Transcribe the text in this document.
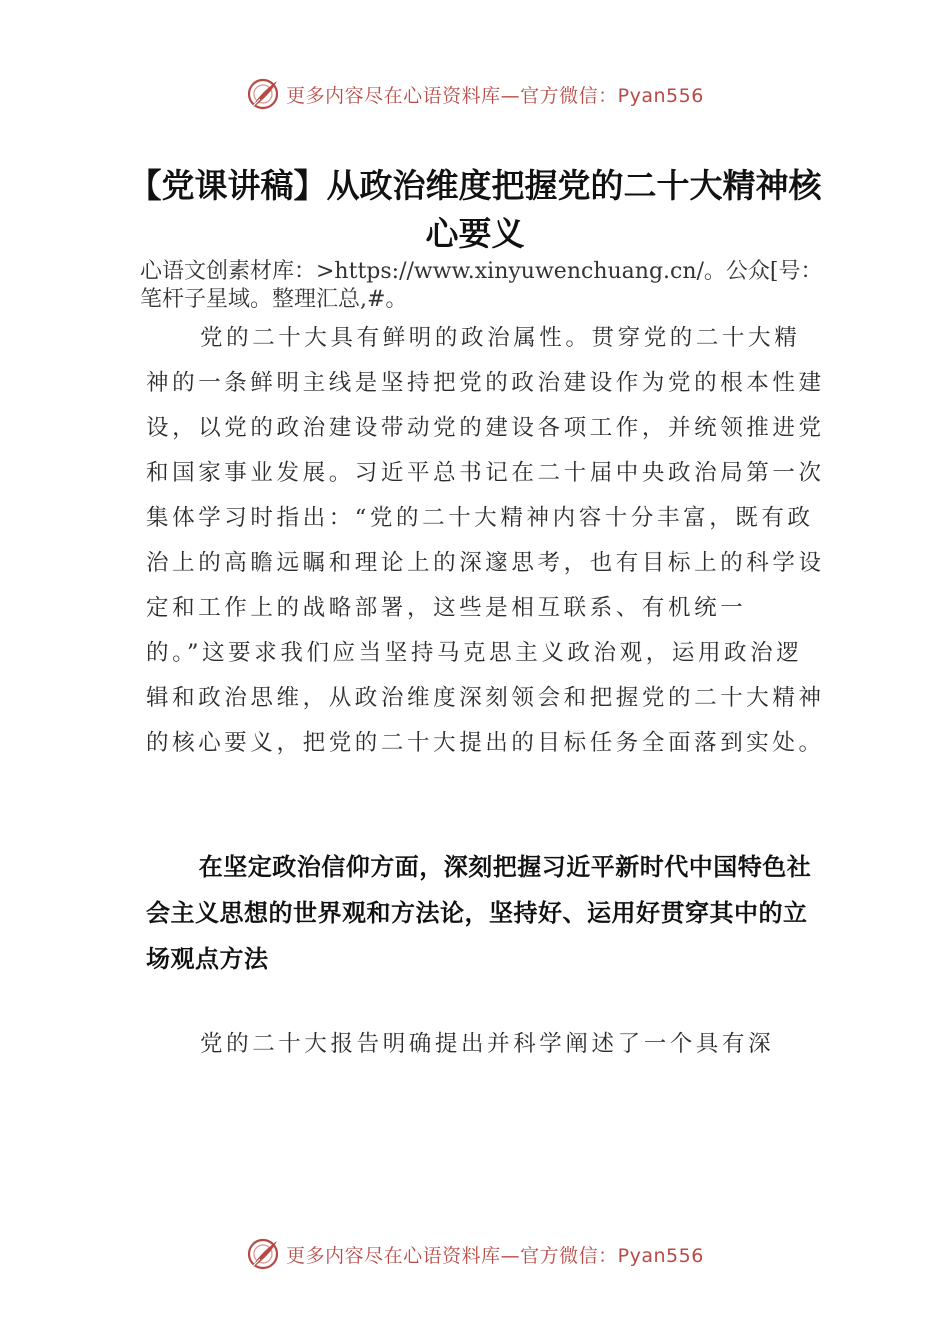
更多内容尽在心语资料库—官方微信：Pyan556
【党课讲稿】从政治维度把握党的二十大精神核心要义

心语文创素材库：>https://www.xinyuwenchuang.cn/。公众[号：笔杆子星域。整理汇总,#。

党的二十大具有鲜明的政治属性。贯穿党的二十大精神的一条鲜明主线是坚持把党的政治建设作为党的根本性建设，以党的政治建设带动党的建设各项工作，并统领推进党和国家事业发展。习近平总书记在二十届中央政治局第一次集体学习时指出：“党的二十大精神内容十分丰富，既有政治上的高瞻远瞩和理论上的深邃思考，也有目标上的科学设定和工作上的战略部署，这些是相互联系、有机统一的。”这要求我们应当坚持马克思主义政治观，运用政治逻辑和政治思维，从政治维度深刻领会和把握党的二十大精神的核心要义，把党的二十大提出的目标任务全面落到实处。

在坚定政治信仰方面，深刻把握习近平新时代中国特色社会主义思想的世界观和方法论，坚持好、运用好贯穿其中的立场观点方法

党的二十大报告明确提出并科学阐述了一个具有深

更多内容尽在心语资料库—官方微信：Pyan556
